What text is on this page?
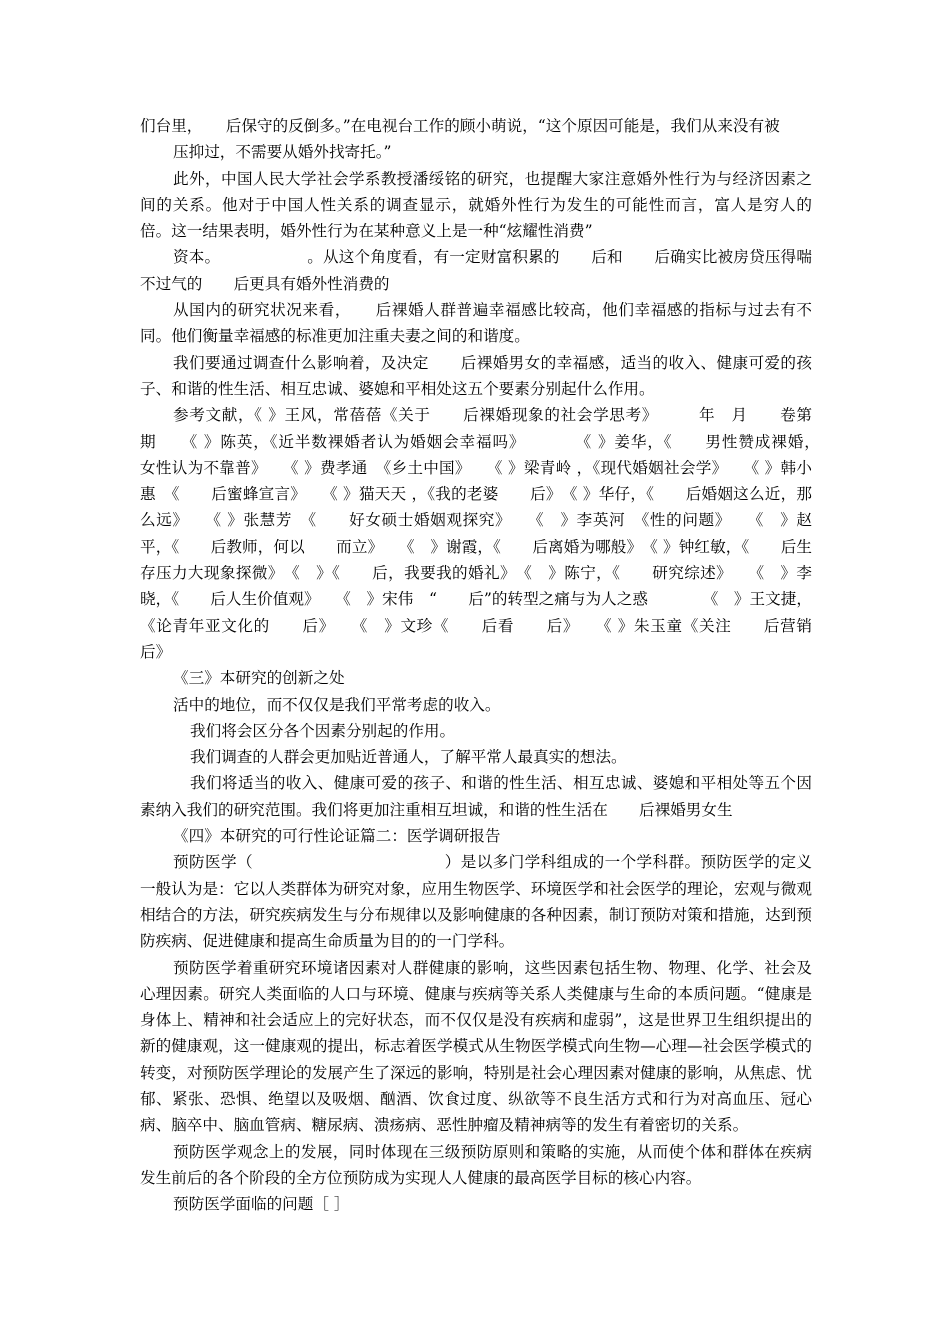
们台里，　　后保守的反倒多。”在电视台工作的顾小萌说，“这个原因可能是，我们从来没有被

压抑过，不需要从婚外找寄托。”

此外，中国人民大学社会学系教授潘绥铭的研究，也提醒大家注意婚外性行为与经济因素之间的关系。他对于中国人性关系的调查显示，就婚外性行为发生的可能性而言，富人是穷人的　　倍。这一结果表明，婚外性行为在某种意义上是一种“炫耀性消费”

资本。　　　　　　。从这个角度看，有一定财富积累的　　后和　　后确实比被房贷压得喘不过气的　　后更具有婚外性消费的

从国内的研究状况来看，　　后裸婚人群普遍幸福感比较高，他们幸福感的指标与过去有不同。他们衡量幸福感的标准更加注重夫妻之间的和谐度。

我们要通过调查什么影响着，及决定　　后裸婚男女的幸福感，适当的收入、健康可爱的孩子、和谐的性生活、相互忠诚、婆媳和平相处这五个要素分别起什么作用。

参考文献，《 》王风，常蓓蓓《关于　　后裸婚现象的社会学思考》　　　年　月　　卷第　期　　《 》陈英，《近半数裸婚者认为婚姻会幸福吗》　　　　《 》姜华，《　　男性赞成裸婚，　　女性认为不靠普》　　《 》费孝通　《乡土中国》　　《 》梁青岭 ，《现代婚姻社会学》　　《 》韩小惠　《　　后蜜蜂宣言》　　《 》猫天天 ，《我的老婆　　后》　《 》华仔，《　　后婚姻这么近，那么远》　　《 》张慧芳　《　　好女硕士婚姻观探究》　　《　》李英河　《性的问题》　　《　》赵平，《　　后教师，何以　　而立》　　《　》谢霞，《　　后离婚为哪般》　《 》钟红敏，《　　后生存压力大现象探微》　《　》《　　后，我要我的婚礼》　《　》陈宁，《　　研究综述》　　《　》李晓，《　　后人生价值观》　　《　》宋伟　“　　后”的转型之痛与为人之惑　　　　《　》王文捷，《论青年亚文化的　　后》　　《　》文珍《　　后看　　后》　　《 》朱玉童《关注　　后营销　　后》

《三》本研究的创新之处

活中的地位，而不仅仅是我们平常考虑的收入。

我们将会区分各个因素分别起的作用。

我们调查的人群会更加贴近普通人，了解平常人最真实的想法。

我们将适当的收入、健康可爱的孩子、和谐的性生活、相互忠诚、婆媳和平相处等五个因素纳入我们的研究范围。我们将更加注重相互坦诚，和谐的性生活在　　后裸婚男女生

《四》本研究的可行性论证篇二：医学调研报告

预防医学（　　　　　　　　　　　　）是以多门学科组成的一个学科群。预防医学的定义一般认为是：它以人类群体为研究对象，应用生物医学、环境医学和社会医学的理论，宏观与微观相结合的方法，研究疾病发生与分布规律以及影响健康的各种因素，制订预防对策和措施，达到预防疾病、促进健康和提高生命质量为目的的一门学科。

预防医学着重研究环境诸因素对人群健康的影响，这些因素包括生物、物理、化学、社会及心理因素。研究人类面临的人口与环境、健康与疾病等关系人类健康与生命的本质问题。“健康是身体上、精神和社会适应上的完好状态，而不仅仅是没有疾病和虚弱”，这是世界卫生组织提出的新的健康观，这一健康观的提出，标志着医学模式从生物医学模式向生物—心理—社会医学模式的转变，对预防医学理论的发展产生了深远的影响，特别是社会心理因素对健康的影响，从焦虑、忧郁、紧张、恐惧、绝望以及吸烟、酗酒、饮食过度、纵欲等不良生活方式和行为对高血压、冠心病、脑卒中、脑血管病、糖尿病、溃疡病、恶性肿瘤及精神病等的发生有着密切的关系。

预防医学观念上的发展，同时体现在三级预防原则和策略的实施，从而使个体和群体在疾病发生前后的各个阶段的全方位预防成为实现人人健康的最高医学目标的核心内容。

预防医学面临的问题［ ］
